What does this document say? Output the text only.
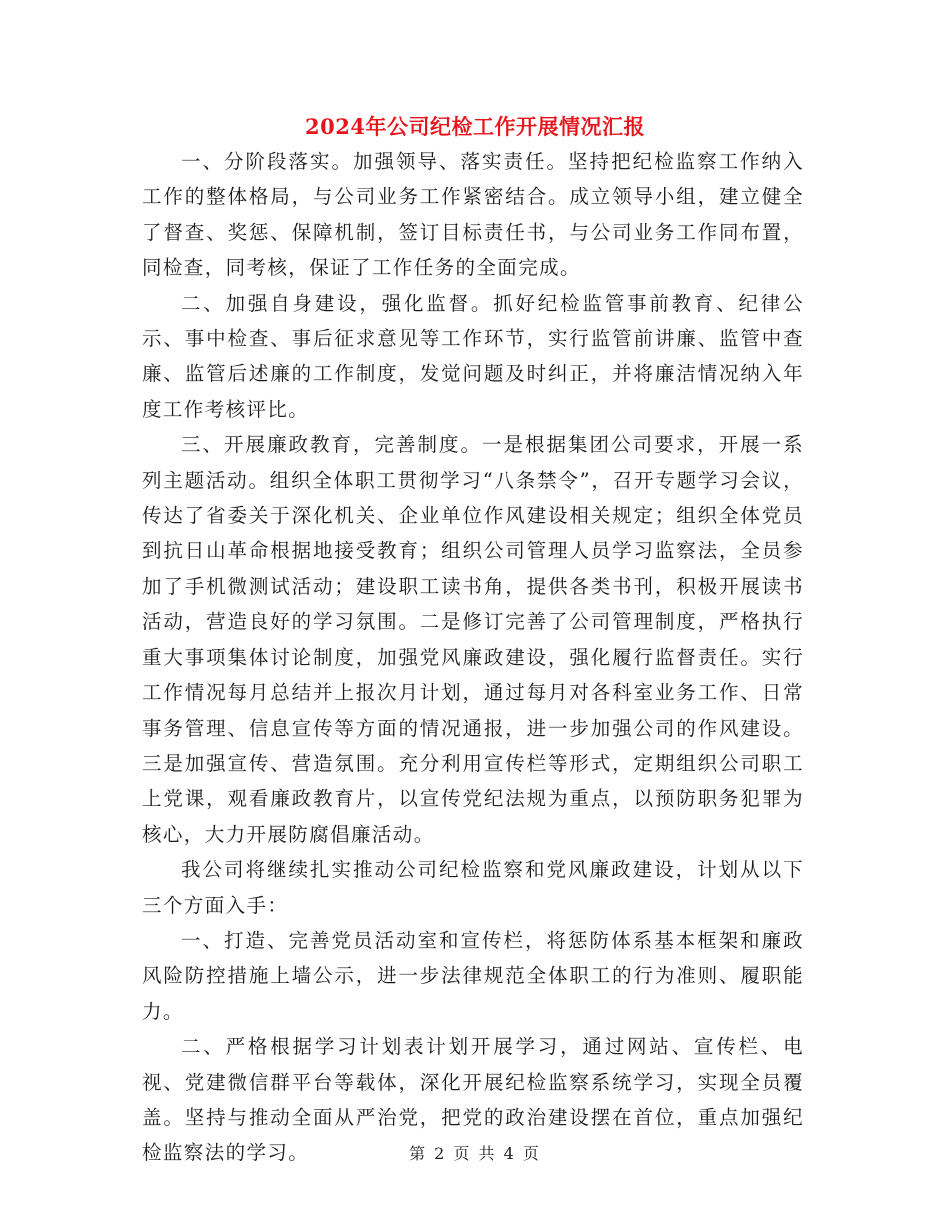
2024年公司纪检工作开展情况汇报

一、分阶段落实。加强领导、落实责任。坚持把纪检监察工作纳入工作的整体格局，与公司业务工作紧密结合。成立领导小组，建立健全了督查、奖惩、保障机制，签订目标责任书，与公司业务工作同布置，同检查，同考核，保证了工作任务的全面完成。

二、加强自身建设，强化监督。抓好纪检监管事前教育、纪律公示、事中检查、事后征求意见等工作环节，实行监管前讲廉、监管中查廉、监管后述廉的工作制度，发觉问题及时纠正，并将廉洁情况纳入年度工作考核评比。

三、开展廉政教育，完善制度。一是根据集团公司要求，开展一系列主题活动。组织全体职工贯彻学习“八条禁令”，召开专题学习会议，传达了省委关于深化机关、企业单位作风建设相关规定；组织全体党员到抗日山革命根据地接受教育；组织公司管理人员学习监察法，全员参加了手机微测试活动；建设职工读书角，提供各类书刊，积极开展读书活动，营造良好的学习氛围。二是修订完善了公司管理制度，严格执行重大事项集体讨论制度，加强党风廉政建设，强化履行监督责任。实行工作情况每月总结并上报次月计划，通过每月对各科室业务工作、日常事务管理、信息宣传等方面的情况通报，进一步加强公司的作风建设。三是加强宣传、营造氛围。充分利用宣传栏等形式，定期组织公司职工上党课，观看廉政教育片，以宣传党纪法规为重点，以预防职务犯罪为核心，大力开展防腐倡廉活动。

我公司将继续扎实推动公司纪检监察和党风廉政建设，计划从以下三个方面入手：

一、打造、完善党员活动室和宣传栏，将惩防体系基本框架和廉政风险防控措施上墙公示，进一步法律规范全体职工的行为准则、履职能力。

二、严格根据学习计划表计划开展学习，通过网站、宣传栏、电视、党建微信群平台等载体，深化开展纪检监察系统学习，实现全员覆盖。坚持与推动全面从严治党，把党的政治建设摆在首位，重点加强纪检监察法的学习。	第 2 页 共 4 页
